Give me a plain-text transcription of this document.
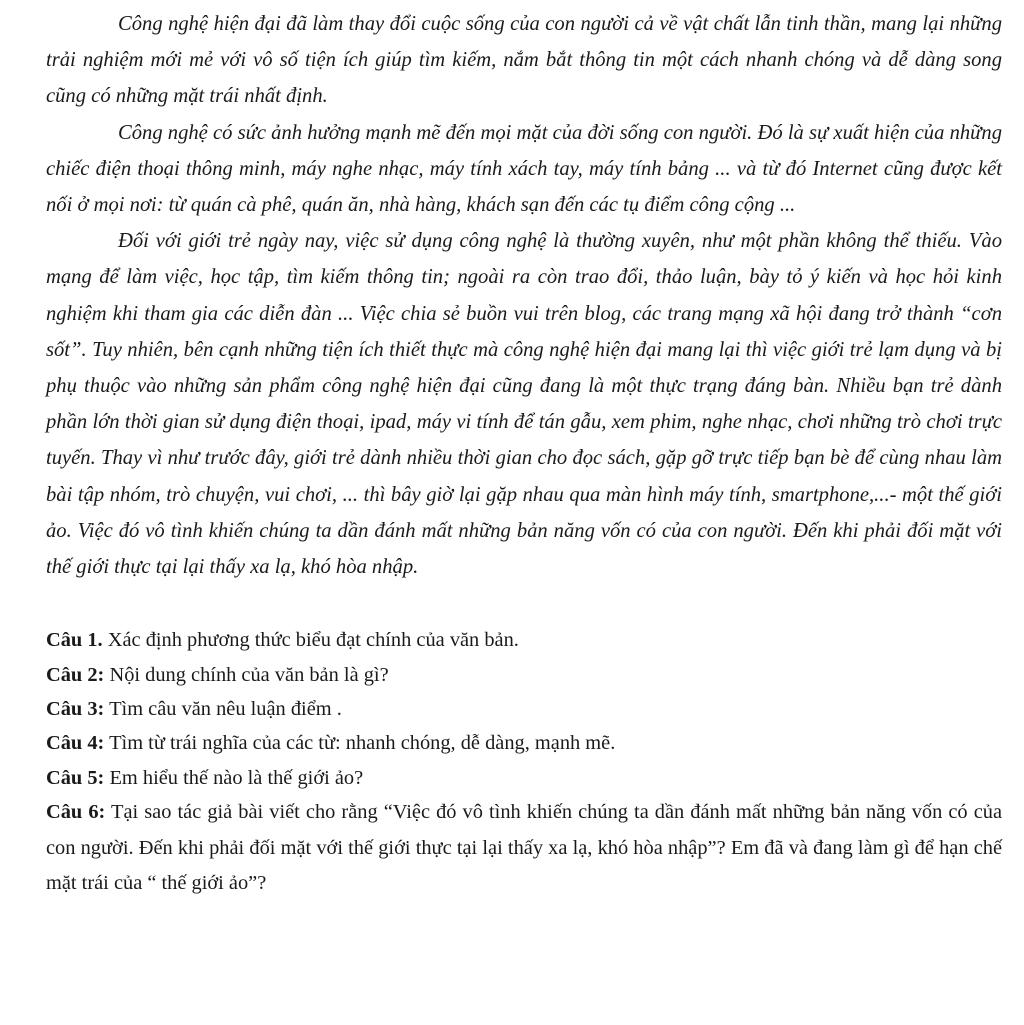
Công nghệ hiện đại đã làm thay đổi cuộc sống của con người cả về vật chất lẫn tinh thần, mang lại những trải nghiệm mới mẻ với vô số tiện ích giúp tìm kiếm, nắm bắt thông tin một cách nhanh chóng và dễ dàng song cũng có những mặt trái nhất định.

Công nghệ có sức ảnh hưởng mạnh mẽ đến mọi mặt của đời sống con người. Đó là sự xuất hiện của những chiếc điện thoại thông minh, máy nghe nhạc, máy tính xách tay, máy tính bảng ... và từ đó Internet cũng được kết nối ở mọi nơi: từ quán cà phê, quán ăn, nhà hàng, khách sạn đến các tụ điểm công cộng ...

Đối với giới trẻ ngày nay, việc sử dụng công nghệ là thường xuyên, như một phần không thể thiếu. Vào mạng để làm việc, học tập, tìm kiếm thông tin; ngoài ra còn trao đổi, thảo luận, bày tỏ ý kiến và học hỏi kinh nghiệm khi tham gia các diễn đàn ... Việc chia sẻ buồn vui trên blog, các trang mạng xã hội đang trở thành “cơn sốt”. Tuy nhiên, bên cạnh những tiện ích thiết thực mà công nghệ hiện đại mang lại thì việc giới trẻ lạm dụng và bị phụ thuộc vào những sản phẩm công nghệ hiện đại cũng đang là một thực trạng đáng bàn. Nhiều bạn trẻ dành phần lớn thời gian sử dụng điện thoại, ipad, máy vi tính để tán gẫu, xem phim, nghe nhạc, chơi những trò chơi trực tuyến. Thay vì như trước đây, giới trẻ dành nhiều thời gian cho đọc sách, gặp gỡ trực tiếp bạn bè để cùng nhau làm bài tập nhóm, trò chuyện, vui chơi, ... thì bây giờ lại gặp nhau qua màn hình máy tính, smartphone,...- một thế giới ảo. Việc đó vô tình khiến chúng ta dần đánh mất những bản năng vốn có của con người. Đến khi phải đối mặt với thế giới thực tại lại thấy xa lạ, khó hòa nhập.

Câu 1. Xác định phương thức biểu đạt chính của văn bản.

Câu 2: Nội dung chính của văn bản là gì?

Câu 3: Tìm câu văn nêu luận điểm .

Câu 4: Tìm từ trái nghĩa của các từ: nhanh chóng, dễ dàng, mạnh mẽ.

Câu 5: Em hiểu thế nào là thế giới ảo?

Câu 6: Tại sao tác giả bài viết cho rằng “Việc đó vô tình khiến chúng ta dần đánh mất những bản năng vốn có của con người. Đến khi phải đối mặt với thế giới thực tại lại thấy xa lạ, khó hòa nhập”? Em đã và đang làm gì để hạn chế mặt trái của “ thế giới ảo”?
